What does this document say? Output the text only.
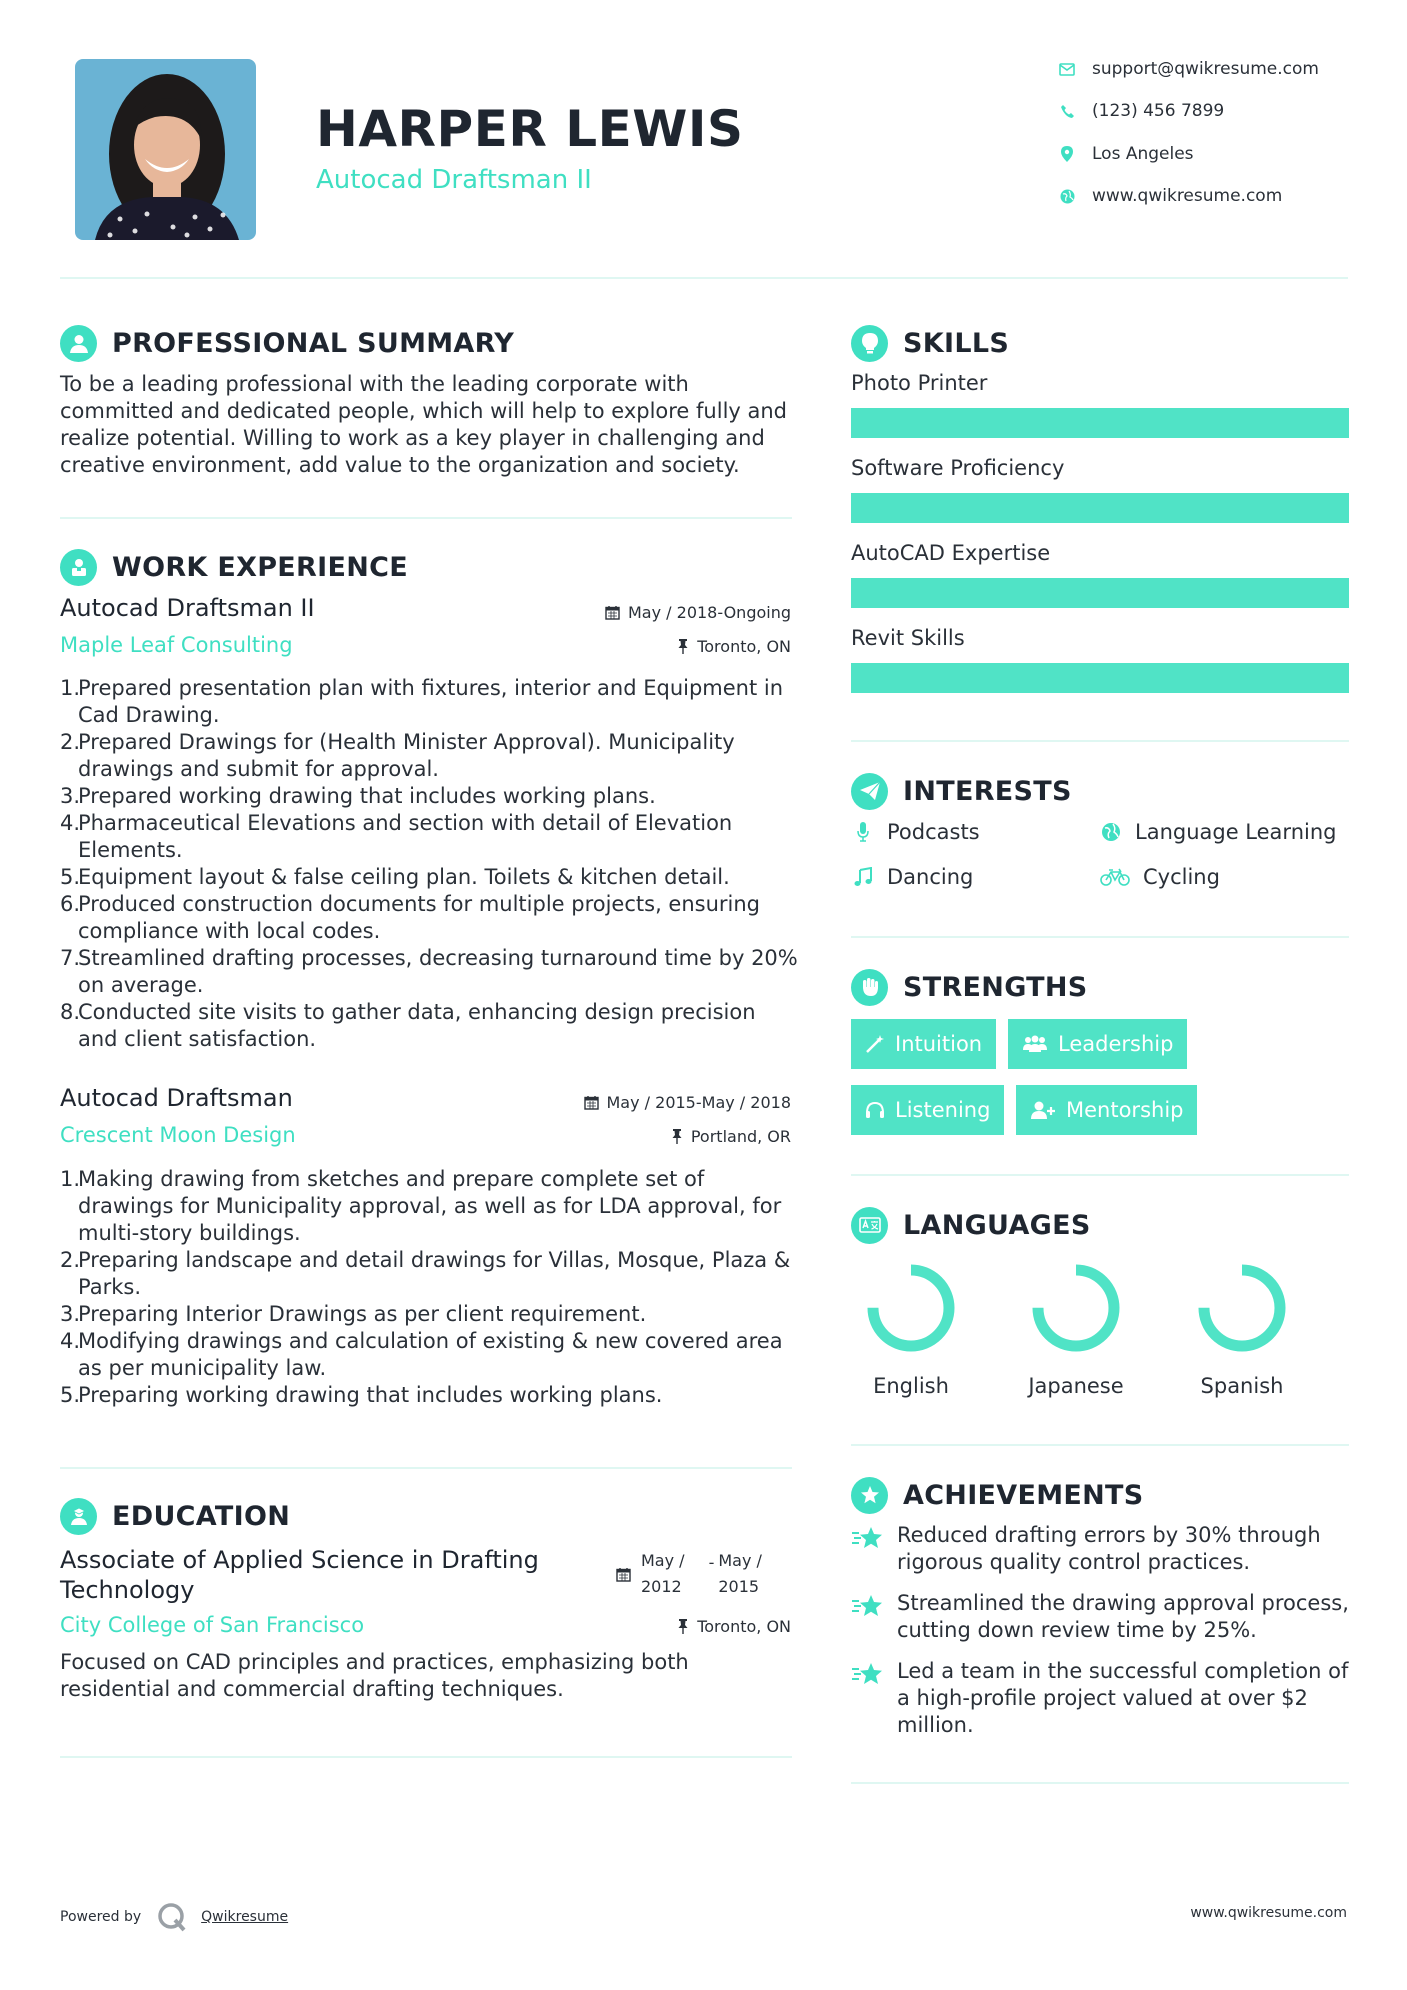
HARPER LEWIS
Autocad Draftsman II
support@qwikresume.com
(123) 456 7899
Los Angeles
www.qwikresume.com
PROFESSIONAL SUMMARY
To be a leading professional with the leading corporate with committed and dedicated people, which will help to explore fully and realize potential. Willing to work as a key player in challenging and creative environment, add value to the organization and society.
WORK EXPERIENCE
Autocad Draftsman II	May / 2018-Ongoing
Maple Leaf Consulting	Toronto, ON
1.
Prepared presentation plan with fixtures, interior and Equipment in Cad Drawing.
2.
Prepared Drawings for (Health Minister Approval). Municipality drawings and submit for approval.
3.
Prepared working drawing that includes working plans.
4.
Pharmaceutical Elevations and section with detail of Elevation Elements.
5.
Equipment layout & false ceiling plan. Toilets & kitchen detail.
6.
Produced construction documents for multiple projects, ensuring compliance with local codes.
7.
Streamlined drafting processes, decreasing turnaround time by 20% on average.
8.
Conducted site visits to gather data, enhancing design precision and client satisfaction.
Autocad Draftsman	May / 2015-May / 2018
Crescent Moon Design	Portland, OR
1.
Making drawing from sketches and prepare complete set of drawings for Municipality approval, as well as for LDA approval, for multi-story buildings.
2.
Preparing landscape and detail drawings for Villas, Mosque, Plaza & Parks.
3.
Preparing Interior Drawings as per client requirement.
4.
Modifying drawings and calculation of existing & new covered area as per municipality law.
5.
Preparing working drawing that includes working plans.
EDUCATION
Associate of Applied Science in Drafting Technology
May /
2012
- May /
2015
City College of San Francisco	Toronto, ON
Focused on CAD principles and practices, emphasizing both residential and commercial drafting techniques.
SKILLS
Photo Printer
Software Proficiency
AutoCAD Expertise
Revit Skills
INTERESTS
Podcasts	Language Learning
Dancing	Cycling
STRENGTHS
Intuition	Leadership
Listening	Mentorship
LANGUAGES
English	Japanese	Spanish
ACHIEVEMENTS
Reduced drafting errors by 30% through rigorous quality control practices.
Streamlined the drawing approval process, cutting down review time by 25%.
Led a team in the successful completion of a high-profile project valued at over $2 million.
Powered by	Qwikresume	www.qwikresume.com
